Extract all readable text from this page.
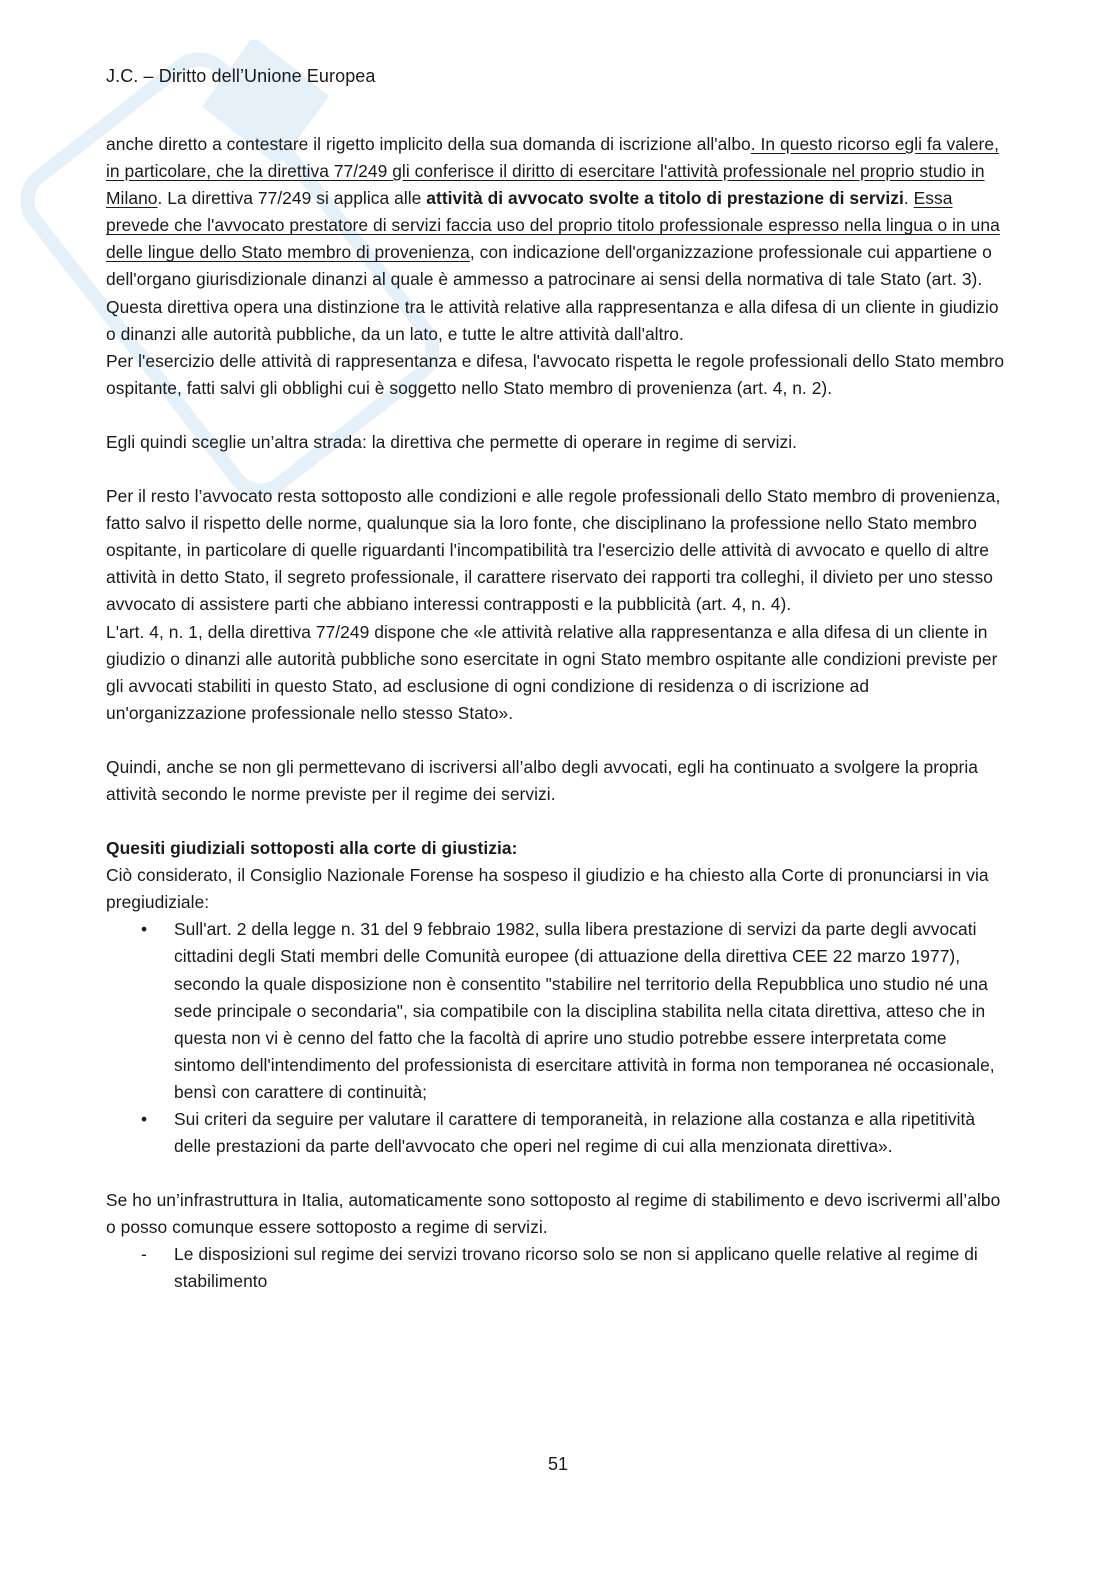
J.C. – Diritto dell’Unione Europea

anche diretto a contestare il rigetto implicito della sua domanda di iscrizione all'albo. In questo ricorso egli fa valere, in particolare, che la direttiva 77/249 gli conferisce il diritto di esercitare l'attività professionale nel proprio studio in Milano. La direttiva 77/249 si applica alle attività di avvocato svolte a titolo di prestazione di servizi. Essa prevede che l'avvocato prestatore di servizi faccia uso del proprio titolo professionale espresso nella lingua o in una delle lingue dello Stato membro di provenienza, con indicazione dell'organizzazione professionale cui appartiene o dell'organo giurisdizionale dinanzi al quale è ammesso a patrocinare ai sensi della normativa di tale Stato (art. 3).

Questa direttiva opera una distinzione tra le attività relative alla rappresentanza e alla difesa di un cliente in giudizio o dinanzi alle autorità pubbliche, da un lato, e tutte le altre attività dall'altro.

Per l'esercizio delle attività di rappresentanza e difesa, l'avvocato rispetta le regole professionali dello Stato membro ospitante, fatti salvi gli obblighi cui è soggetto nello Stato membro di provenienza (art. 4, n. 2).

Egli quindi sceglie un’altra strada: la direttiva che permette di operare in regime di servizi.

Per il resto l’avvocato resta sottoposto alle condizioni e alle regole professionali dello Stato membro di provenienza, fatto salvo il rispetto delle norme, qualunque sia la loro fonte, che disciplinano la professione nello Stato membro ospitante, in particolare di quelle riguardanti l'incompatibilità tra l'esercizio delle attività di avvocato e quello di altre attività in detto Stato, il segreto professionale, il carattere riservato dei rapporti tra colleghi, il divieto per uno stesso avvocato di assistere parti che abbiano interessi contrapposti e la pubblicità (art. 4, n. 4).

L'art. 4, n. 1, della direttiva 77/249 dispone che «le attività relative alla rappresentanza e alla difesa di un cliente in giudizio o dinanzi alle autorità pubbliche sono esercitate in ogni Stato membro ospitante alle condizioni previste per gli avvocati stabiliti in questo Stato, ad esclusione di ogni condizione di residenza o di iscrizione ad un'organizzazione professionale nello stesso Stato».

Quindi, anche se non gli permettevano di iscriversi all’albo degli avvocati, egli ha continuato a svolgere la propria attività secondo le norme previste per il regime dei servizi.

Quesiti giudiziali sottoposti alla corte di giustizia:

Ciò considerato, il Consiglio Nazionale Forense ha sospeso il giudizio e ha chiesto alla Corte di pronunciarsi in via pregiudiziale:

•	Sull'art. 2 della legge n. 31 del 9 febbraio 1982, sulla libera prestazione di servizi da parte degli avvocati cittadini degli Stati membri delle Comunità europee (di attuazione della direttiva CEE 22 marzo 1977), secondo la quale disposizione non è consentito "stabilire nel territorio della Repubblica uno studio né una sede principale o secondaria", sia compatibile con la disciplina stabilita nella citata direttiva, atteso che in questa non vi è cenno del fatto che la facoltà di aprire uno studio potrebbe essere interpretata come sintomo dell'intendimento del professionista di esercitare attività in forma non temporanea né occasionale, bensì con carattere di continuità;
•	Sui criteri da seguire per valutare il carattere di temporaneità, in relazione alla costanza e alla ripetitività delle prestazioni da parte dell'avvocato che operi nel regime di cui alla menzionata direttiva».

Se ho un’infrastruttura in Italia, automaticamente sono sottoposto al regime di stabilimento e devo iscrivermi all’albo o posso comunque essere sottoposto a regime di servizi.

-	Le disposizioni sul regime dei servizi trovano ricorso solo se non si applicano quelle relative al regime di stabilimento
51
